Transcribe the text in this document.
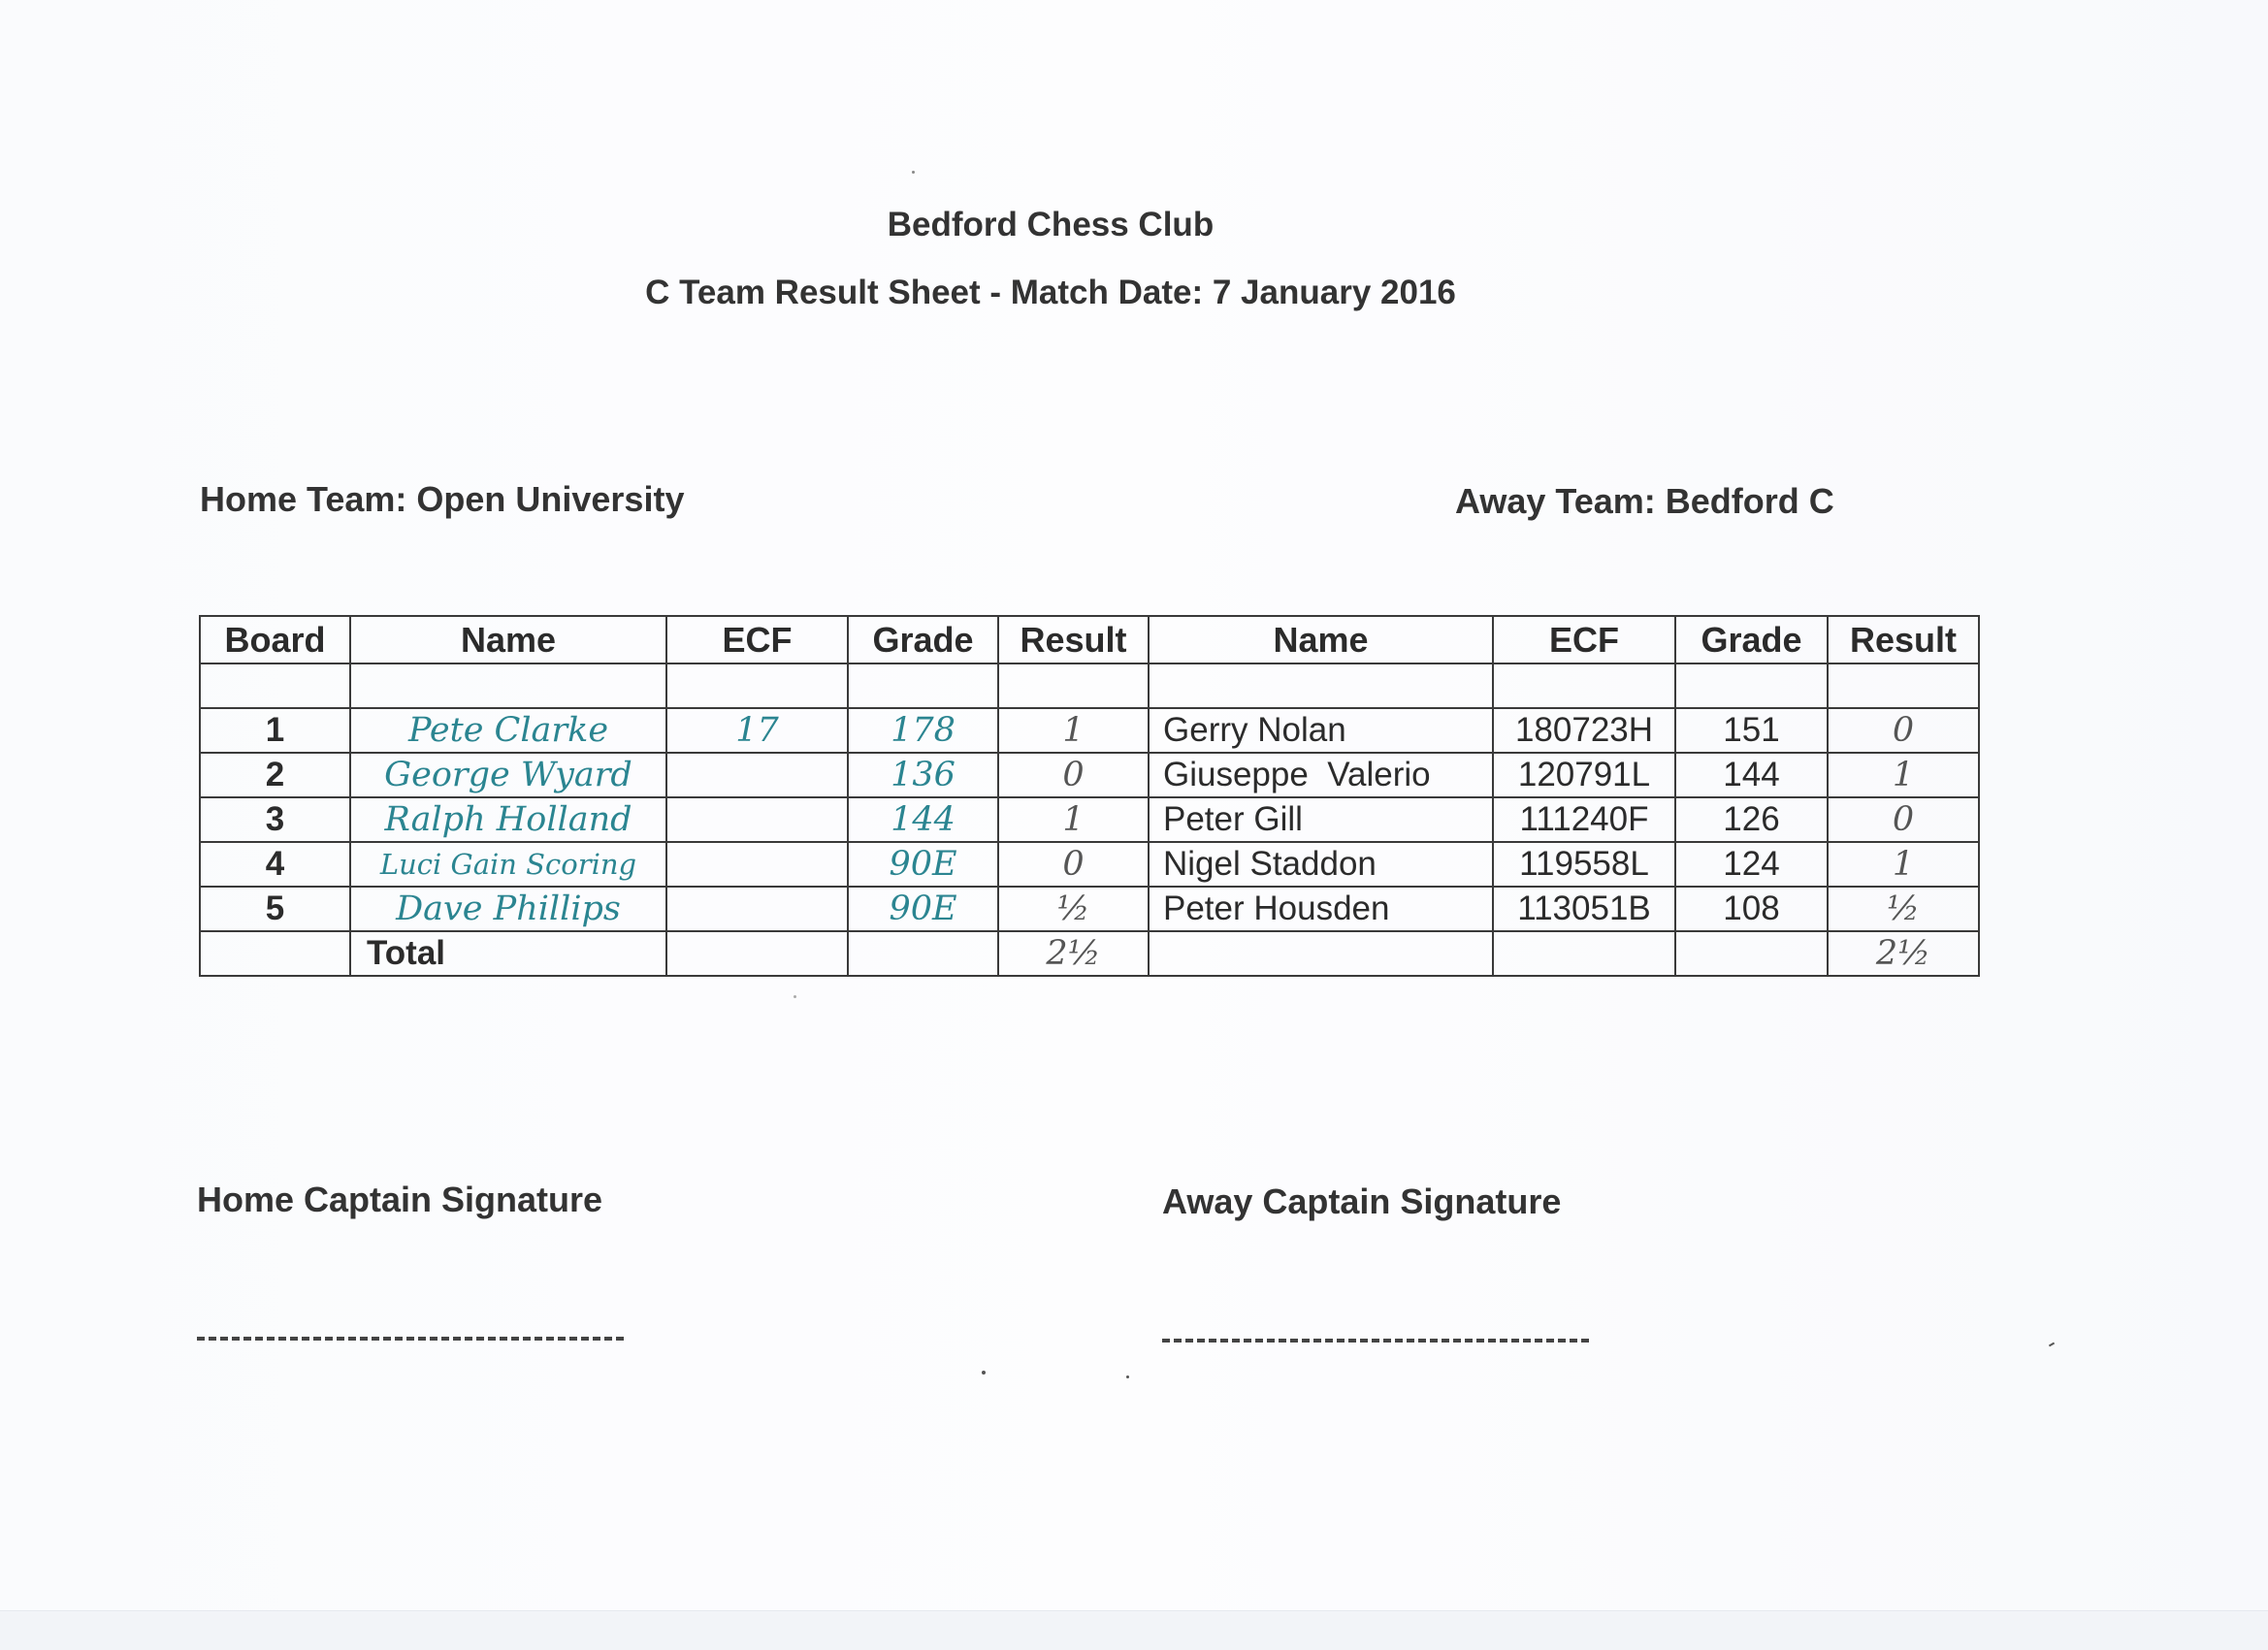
Bedford Chess Club
C Team Result Sheet - Match Date: 7 January 2016
Home Team: Open University	Away Team: Bedford C
Board	Name	ECF	Grade	Result	Name	ECF	Grade	Result

1	Pete Clarke	17	178	1	Gerry Nolan	180723H	151	0
2	George Wyard		136	0	Giuseppe  Valerio	120791L	144	1
3	Ralph Holland		144	1	Peter Gill	111240F	126	0
4	Luci Gain Scoring		90E	0	Nigel Staddon	119558L	124	1
5	Dave Phillips		90E	½	Peter Housden	113051B	108	½
	Total			2½				2½
Home Captain Signature	Away Captain Signature
